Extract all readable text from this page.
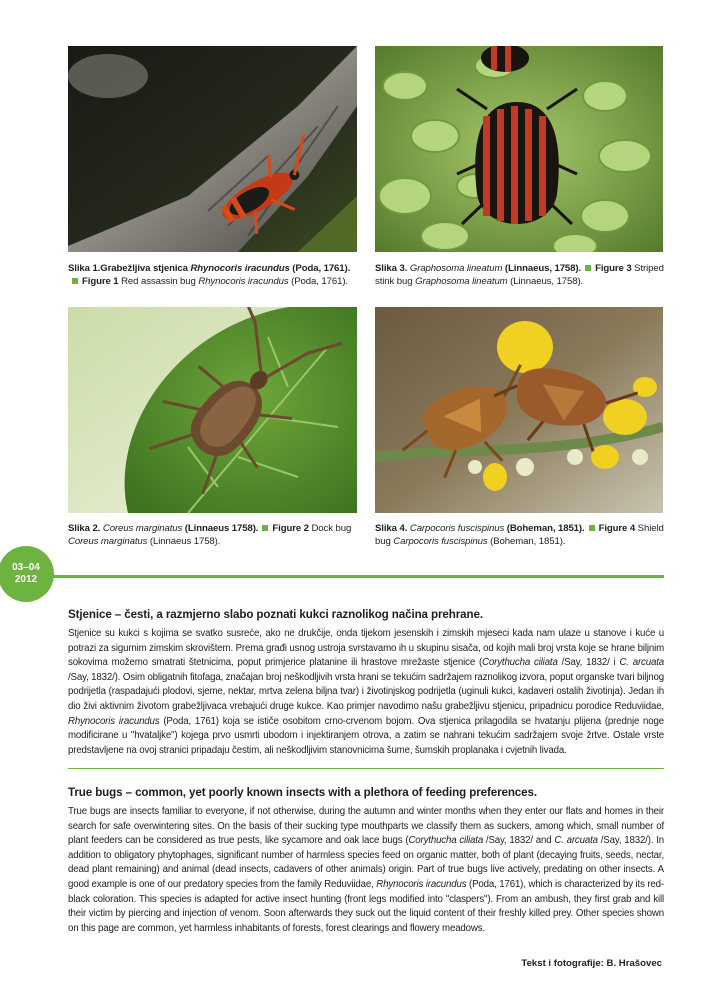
Slika 1.Grabežljiva stjenica Rhynocoris iracundus (Poda, 1761).
Figure 1 Red assassin bug Rhynocoris iracundus (Poda, 1761).
Slika 3. Graphosoma lineatum (Linnaeus, 1758). Figure 3 Striped stink bug Graphosoma lineatum (Linnaeus, 1758).
Slika 2. Coreus marginatus (Linnaeus 1758). Figure 2 Dock bug Coreus marginatus (Linnaeus 1758).
Slika 4. Carpocoris fuscispinus (Boheman, 1851). Figure 4 Shield bug Carpocoris fuscispinus (Boheman, 1851).
03–04
2012
Stjenice – česti, a razmjerno slabo poznati kukci raznolikog načina prehrane.

Stjenice su kukci s kojima se svatko susreće, ako ne drukčije, onda tijekom jesenskih i zimskih mjeseci kada nam ulaze u stanove i kuće u potrazi za sigurnim zimskim skrovištem. Prema građi usnog ustroja svrstavamo ih u skupinu sisača, od kojih mali broj vrsta koje se hrane biljnim sokovima možemo smatrati štetnicima, poput primjerice platanine ili hrastove mrežaste stjenice (Corythucha ciliata /Say, 1832/ i C. arcuata /Say, 1832/). Osim obligatnih fitofaga, značajan broj neškodljivih vrsta hrani se tekućim sadržajem raznolikog izvora, poput organske tvari biljnog podrijetla (raspadajući plodovi, sjeme, nektar, mrtva zelena biljna tvar) i životinjskog podrijetla (uginuli kukci, kadaveri ostalih životinja). Jedan ih dio živi aktivnim životom grabežljivaca vrebajući druge kukce. Kao primjer navodimo našu grabežljivu stjenicu, pripadnicu porodice Reduviidae, Rhynocoris iracundus (Poda, 1761) koja se ističe osobitom crno-crvenom bojom. Ova stjenica prilagodila se hvatanju plijena (prednje noge modificirane u "hvataljke") kojega prvo usmrti ubodom i injektiranjem otrova, a zatim se nahrani tekućim sadržajem svoje žrtve. Ostale vrste predstavljene na ovoj stranici pripadaju čestim, ali neškodljivim stanovnicima šume, šumskih proplanaka i cvjetnih livada.

True bugs – common, yet poorly known insects with a plethora of feeding preferences.

True bugs are insects familiar to everyone, if not otherwise, during the autumn and winter months when they enter our flats and homes in their search for safe overwintering sites. On the basis of their sucking type mouthparts we classify them as suckers, among which, small number of plant feeders can be considered as true pests, like sycamore and oak lace bugs (Corythucha ciliata /Say, 1832/ and C. arcuata /Say, 1832/). In addition to obligatory phytophages, significant number of harmless species feed on organic matter, both of plant (decaying fruits, seeds, nectar, dead plant remaining) and animal (dead insects, cadavers of other animals) origin. Part of true bugs live actively, predating on other insects. A good example is one of our predatory species from the family Reduviidae, Rhynocoris iracundus (Poda, 1761), which is characterized by its red-black coloration. This species is adapted for active insect hunting (front legs modified into "claspers"). From an ambush, they first grab and kill their victim by piercing and injection of venom. Soon afterwards they suck out the liquid content of their freshly killed prey. Other species shown on this page are common, yet harmless inhabitants of forests, forest clearings and flowery meadows.

Tekst i fotografije: B. Hrašovec
